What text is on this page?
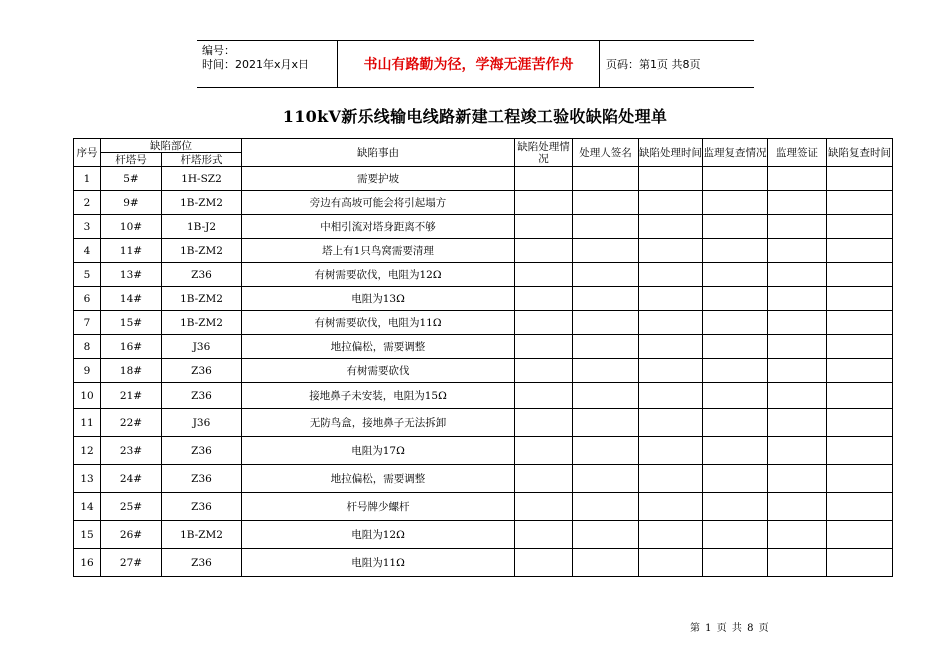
编号：
时间：2021年x月x日	书山有路勤为径，学海无涯苦作舟	页码：第1页 共8页
110kV新乐线输电线路新建工程竣工验收缺陷处理单
序号	缺陷部位		缺陷事由	缺陷处理情况	处理人签名	缺陷处理时间	监理复查情况	监理签证	缺陷复查时间
	杆塔号	杆塔形式							
1	5#	1H-SZ2	需要护坡						
2	9#	1B-ZM2	旁边有高坡可能会将引起塌方						
3	10#	1B-J2	中相引流对塔身距离不够						
4	11#	1B-ZM2	塔上有1只鸟窝需要清理						
5	13#	Z36	有树需要砍伐，电阻为12Ω						
6	14#	1B-ZM2	电阻为13Ω						
7	15#	1B-ZM2	有树需要砍伐，电阻为11Ω						
8	16#	J36	地拉偏松，需要调整						
9	18#	Z36	有树需要砍伐						
10	21#	Z36	接地鼻子未安装，电阻为15Ω						
11	22#	J36	无防鸟盒，接地鼻子无法拆卸						
12	23#	Z36	电阻为17Ω						
13	24#	Z36	地拉偏松，需要调整						
14	25#	Z36	杆号牌少螺杆						
15	26#	1B-ZM2	电阻为12Ω						
16	27#	Z36	电阻为11Ω						
第 1 页 共 8 页
